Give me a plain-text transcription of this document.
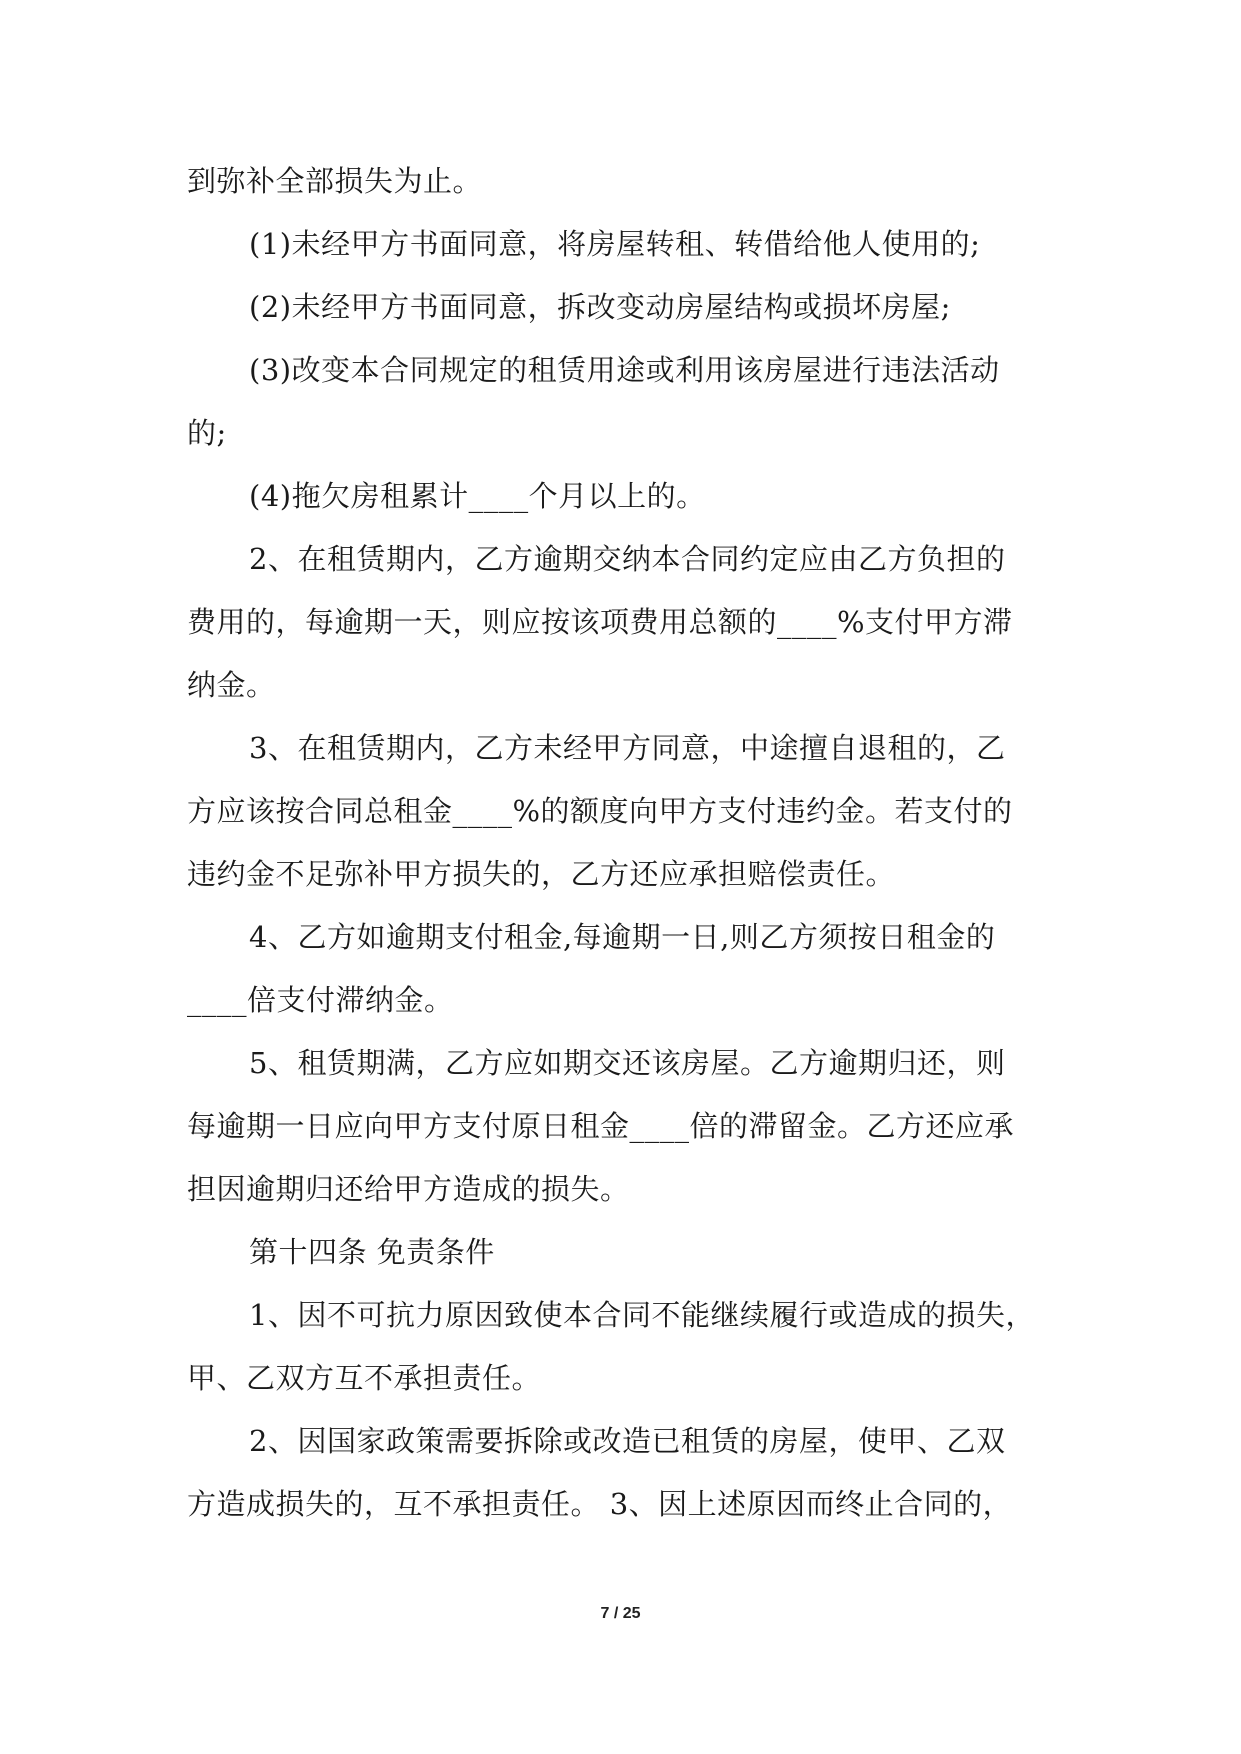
到弥补全部损失为止。
(1)未经甲方书面同意，将房屋转租、转借给他人使用的;
(2)未经甲方书面同意，拆改变动房屋结构或损坏房屋;
(3)改变本合同规定的租赁用途或利用该房屋进行违法活动
的;
(4)拖欠房租累计____个月以上的。
2、在租赁期内，乙方逾期交纳本合同约定应由乙方负担的
费用的，每逾期一天，则应按该项费用总额的____%支付甲方滞
纳金。
3、在租赁期内，乙方未经甲方同意，中途擅自退租的，乙
方应该按合同总租金____%的额度向甲方支付违约金。若支付的
违约金不足弥补甲方损失的，乙方还应承担赔偿责任。
4、乙方如逾期支付租金,每逾期一日,则乙方须按日租金的
____倍支付滞纳金。
5、租赁期满，乙方应如期交还该房屋。乙方逾期归还，则
每逾期一日应向甲方支付原日租金____倍的滞留金。乙方还应承
担因逾期归还给甲方造成的损失。
第十四条 免责条件
1、因不可抗力原因致使本合同不能继续履行或造成的损失，
甲、乙双方互不承担责任。
2、因国家政策需要拆除或改造已租赁的房屋，使甲、乙双
方造成损失的，互不承担责任。 3、因上述原因而终止合同的，
7 / 25
